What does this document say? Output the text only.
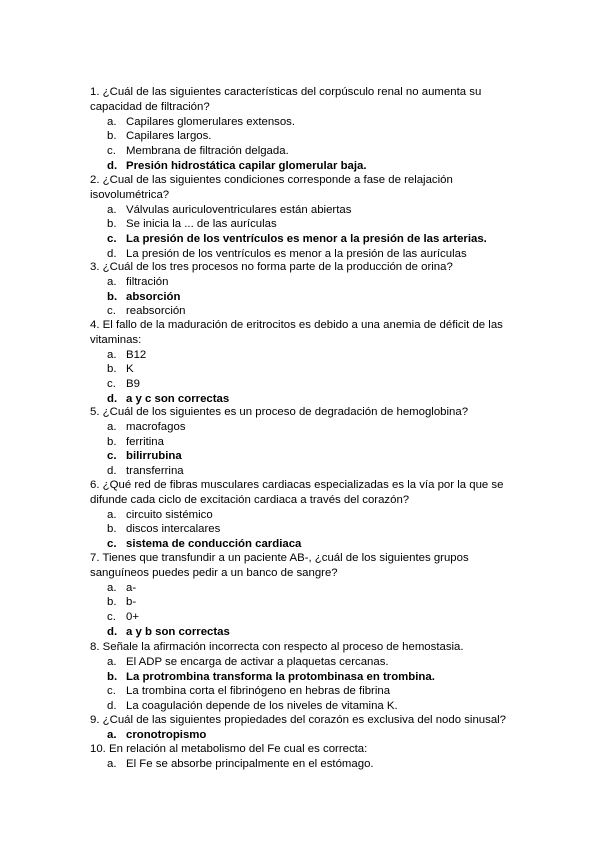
1. ¿Cuál de las siguientes características del corpúsculo renal no aumenta su capacidad de filtración?
a. Capilares glomerulares extensos.
b. Capilares largos.
c. Membrana de filtración delgada.
d. Presión hidrostática capilar glomerular baja.
2. ¿Cual de las siguientes condiciones corresponde a fase de relajación isovolumétrica?
a. Válvulas auriculoventriculares están abiertas
b. Se inicia la ... de las aurículas
c. La presión de los ventrículos es menor a la presión de las arterias.
d. La presión de los ventrículos es menor a la presión de las aurículas
3. ¿Cuál de los tres procesos no forma parte de la producción de orina?
a. filtración
b. absorción
c. reabsorción
4. El fallo de la maduración de eritrocitos es debido a una anemia de déficit de las vitaminas:
a. B12
b. K
c. B9
d. a y c son correctas
5. ¿Cuál de los siguientes es un proceso de degradación de hemoglobina?
a. macrofagos
b. ferritina
c. bilirrubina
d. transferrina
6. ¿Qué red de fibras musculares cardiacas especializadas es la vía por la que se difunde cada ciclo de excitación cardiaca a través del corazón?
a. circuito sistémico
b. discos intercalares
c. sistema de conducción cardiaca
7. Tienes que transfundir a un paciente AB-, ¿cuál de los siguientes grupos sanguíneos puedes pedir a un banco de sangre?
a. a-
b. b-
c. 0+
d. a y b son correctas
8. Señale la afirmación incorrecta con respecto al proceso de hemostasia.
a. El ADP se encarga de activar a plaquetas cercanas.
b. La protrombina transforma la protombinasa en trombina.
c. La trombina corta el fibrinógeno en hebras de fibrina
d. La coagulación depende de los niveles de vitamina K.
9. ¿Cuál de las siguientes propiedades del corazón es exclusiva del nodo sinusal?
a. cronotropismo
10. En relación al metabolismo del Fe cual es correcta:
a. El Fe se absorbe principalmente en el estómago.
